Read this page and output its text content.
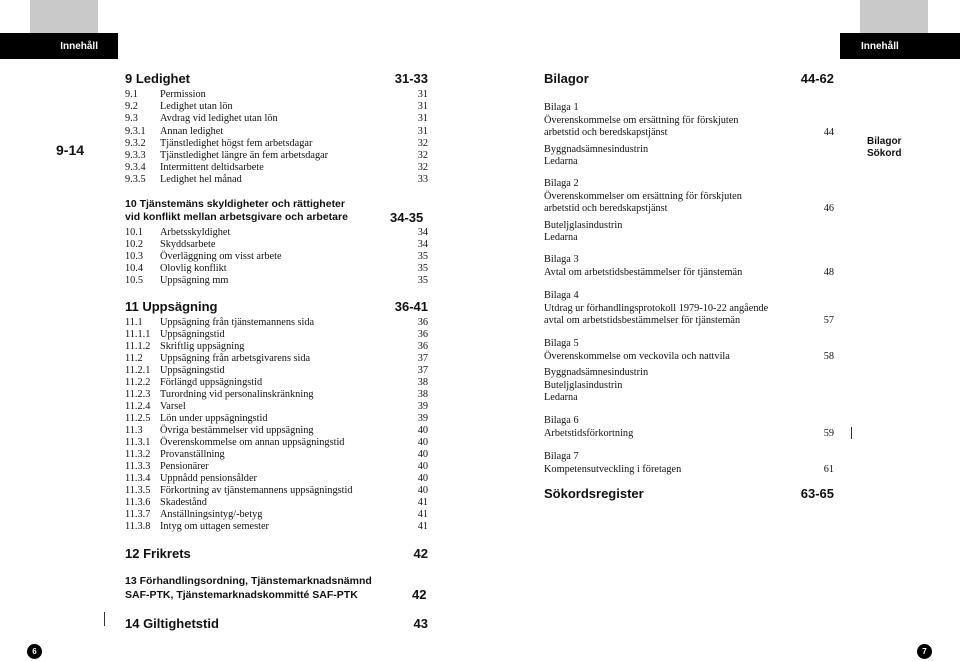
Innehåll	Innehåll
9-14
Bilagor
Sökord
9 Ledighet	31-33
9.1	Permission	31
9.2	Ledighet utan lön	31
9.3	Avdrag vid ledighet utan lön	31
9.3.1	Annan ledighet	31
9.3.2	Tjänstledighet högst fem arbetsdagar	32
9.3.3	Tjänstledighet längre än fem arbetsdagar	32
9.3.4	Intermittent deltidsarbete	32
9.3.5	Ledighet hel månad	33
10 Tjänstemäns skyldigheter och rättigheter
vid konflikt mellan arbetsgivare och arbetare	34-35
10.1	Arbetsskyldighet	34
10.2	Skyddsarbete	34
10.3	Överläggning om visst arbete	35
10.4	Olovlig konflikt	35
10.5	Uppsägning mm	35
11 Uppsägning	36-41
11.1	Uppsägning från tjänstemannens sida	36
11.1.1 Uppsägningstid	36
11.1.2 Skriftlig uppsägning	36
11.2	Uppsägning från arbetsgivarens sida	37
11.2.1 Uppsägningstid	37
11.2.2 Förlängd uppsägningstid	38
11.2.3 Turordning vid personalinskränkning	38
11.2.4 Varsel	39
11.2.5 Lön under uppsägningstid	39
11.3	Övriga bestämmelser vid uppsägning	40
11.3.1 Överenskommelse om annan uppsägningstid	40
11.3.2 Provanställning	40
11.3.3 Pensionärer	40
11.3.4 Uppnådd pensionsålder	40
11.3.5 Förkortning av tjänstemannens uppsägningstid	40
11.3.6 Skadestånd	41
11.3.7 Anställningsintyg/-betyg	41
11.3.8 Intyg om uttagen semester	41
12 Frikrets	42
13 Förhandlingsordning, Tjänstemarknadsnämnd
SAF-PTK, Tjänstemarknadskommitté SAF-PTK	42
14 Giltighetstid	43
Bilagor	44-62
Bilaga 1
Överenskommelse om ersättning för förskjuten
arbetstid och beredskapstjänst	44
Byggnadsämnesindustrin
Ledarna
Bilaga 2
Överenskommelser om ersättning för förskjuten
arbetstid och beredskapstjänst	46
Buteljglasindustrin
Ledarna
Bilaga 3
Avtal om arbetstidsbestämmelser för tjänstemän	48
Bilaga 4
Utdrag ur förhandlingsprotokoll 1979-10-22 angående
avtal om arbetstidsbestämmelser för tjänstemän	57
Bilaga 5
Överenskommelse om veckovila och nattvila	58
Byggnadsämnesindustrin
Buteljglasindustrin
Ledarna
Bilaga 6
Arbetstidsförkortning	59
Bilaga 7
Kompetensutveckling i företagen	61
Sökordsregister	63-65
6	7
